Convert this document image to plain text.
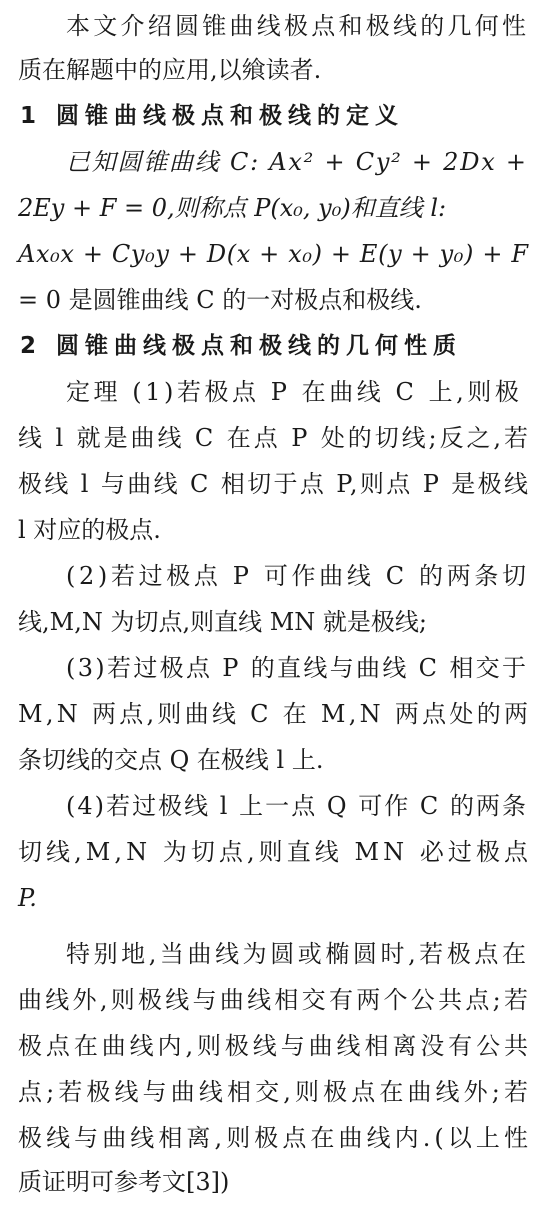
本文介绍圆锥曲线极点和极线的几何性
质在解题中的应用,以飨读者.
1 圆锥曲线极点和极线的定义
已知圆锥曲线 C: Ax² + Cy² + 2Dx +
2Ey + F = 0,则称点 P(x₀, y₀)和直线 l:
Ax₀x + Cy₀y + D(x + x₀) + E(y + y₀) + F
= 0 是圆锥曲线 C 的一对极点和极线.
2 圆锥曲线极点和极线的几何性质
定理 (1)若极点 P 在曲线 C 上,则极
线 l 就是曲线 C 在点 P 处的切线;反之,若
极线 l 与曲线 C 相切于点 P,则点 P 是极线
l 对应的极点.
(2)若过极点 P 可作曲线 C 的两条切
线,M,N 为切点,则直线 MN 就是极线;
(3)若过极点 P 的直线与曲线 C 相交于
M,N 两点,则曲线 C 在 M,N 两点处的两
条切线的交点 Q 在极线 l 上.
(4)若过极线 l 上一点 Q 可作 C 的两条
切线,M,N 为切点,则直线 MN 必过极点
P.
特别地,当曲线为圆或椭圆时,若极点在
曲线外,则极线与曲线相交有两个公共点;若
极点在曲线内,则极线与曲线相离没有公共
点;若极线与曲线相交,则极点在曲线外;若
极线与曲线相离,则极点在曲线内.(以上性
质证明可参考文[3])
